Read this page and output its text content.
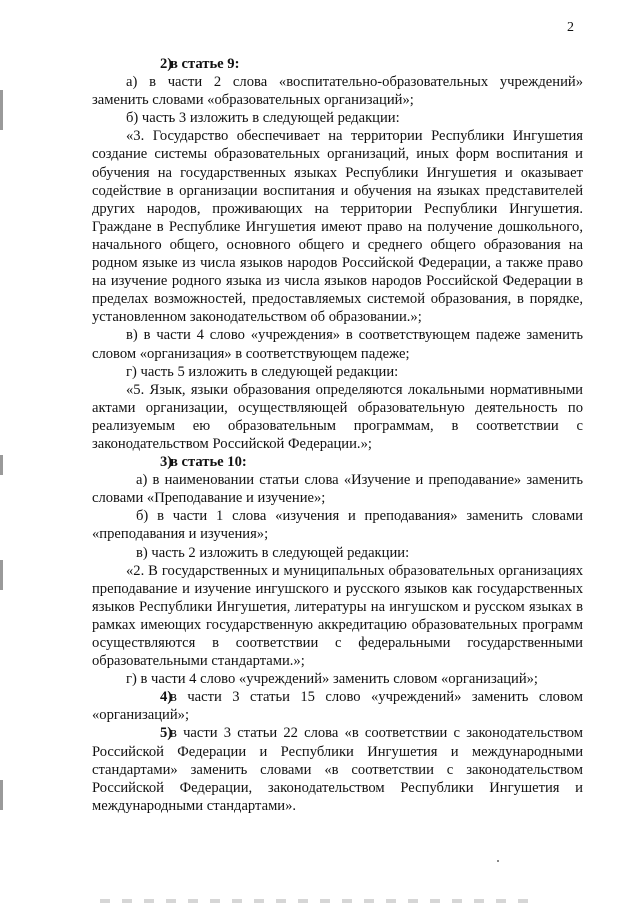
2

2)в статье 9:

а) в части 2 слова «воспитательно-образовательных учреждений» заменить словами «образовательных организаций»;

б) часть 3 изложить в следующей редакции:

«3. Государство обеспечивает на территории Республики Ингушетия создание системы образовательных организаций, иных форм воспитания и обучения на государственных языках Республики Ингушетия и оказывает содействие в организации воспитания и обучения на языках представителей других народов, проживающих на территории Республики Ингушетия. Граждане в Республике Ингушетия имеют право на получение дошкольного, начального общего, основного общего и среднего общего образования на родном языке из числа языков народов Российской Федерации, а также право на изучение родного языка из числа языков народов Российской Федерации в пределах возможностей, предоставляемых системой образования, в порядке, установленном законодательством об образовании.»;

в) в части 4 слово «учреждения» в соответствующем падеже заменить словом «организация» в соответствующем падеже;

г) часть 5 изложить в следующей редакции:

«5. Язык, языки образования определяются локальными нормативными актами организации, осуществляющей образовательную деятельность по реализуемым ею образовательным программам, в соответствии с законодательством Российской Федерации.»;

3)в статье 10:

а) в наименовании статьи слова «Изучение и преподавание» заменить словами «Преподавание и изучение»;

б) в части 1 слова «изучения и преподавания» заменить словами «преподавания и изучения»;

в) часть 2 изложить в следующей редакции:

«2. В государственных и муниципальных образовательных организациях преподавание и изучение ингушского и русского языков как государственных языков Республики Ингушетия, литературы на ингушском и русском языках в рамках имеющих государственную аккредитацию образовательных программ осуществляются в соответствии с федеральными государственными образовательными стандартами.»;

г) в части 4 слово «учреждений» заменить словом «организаций»;

4)в части 3 статьи 15 слово «учреждений» заменить словом «организаций»;

5)в части 3 статьи 22 слова «в соответствии с законодательством Российской Федерации и Республики Ингушетия и международными стандартами» заменить словами «в соответствии с законодательством Российской Федерации, законодательством Республики Ингушетия и международными стандартами».
